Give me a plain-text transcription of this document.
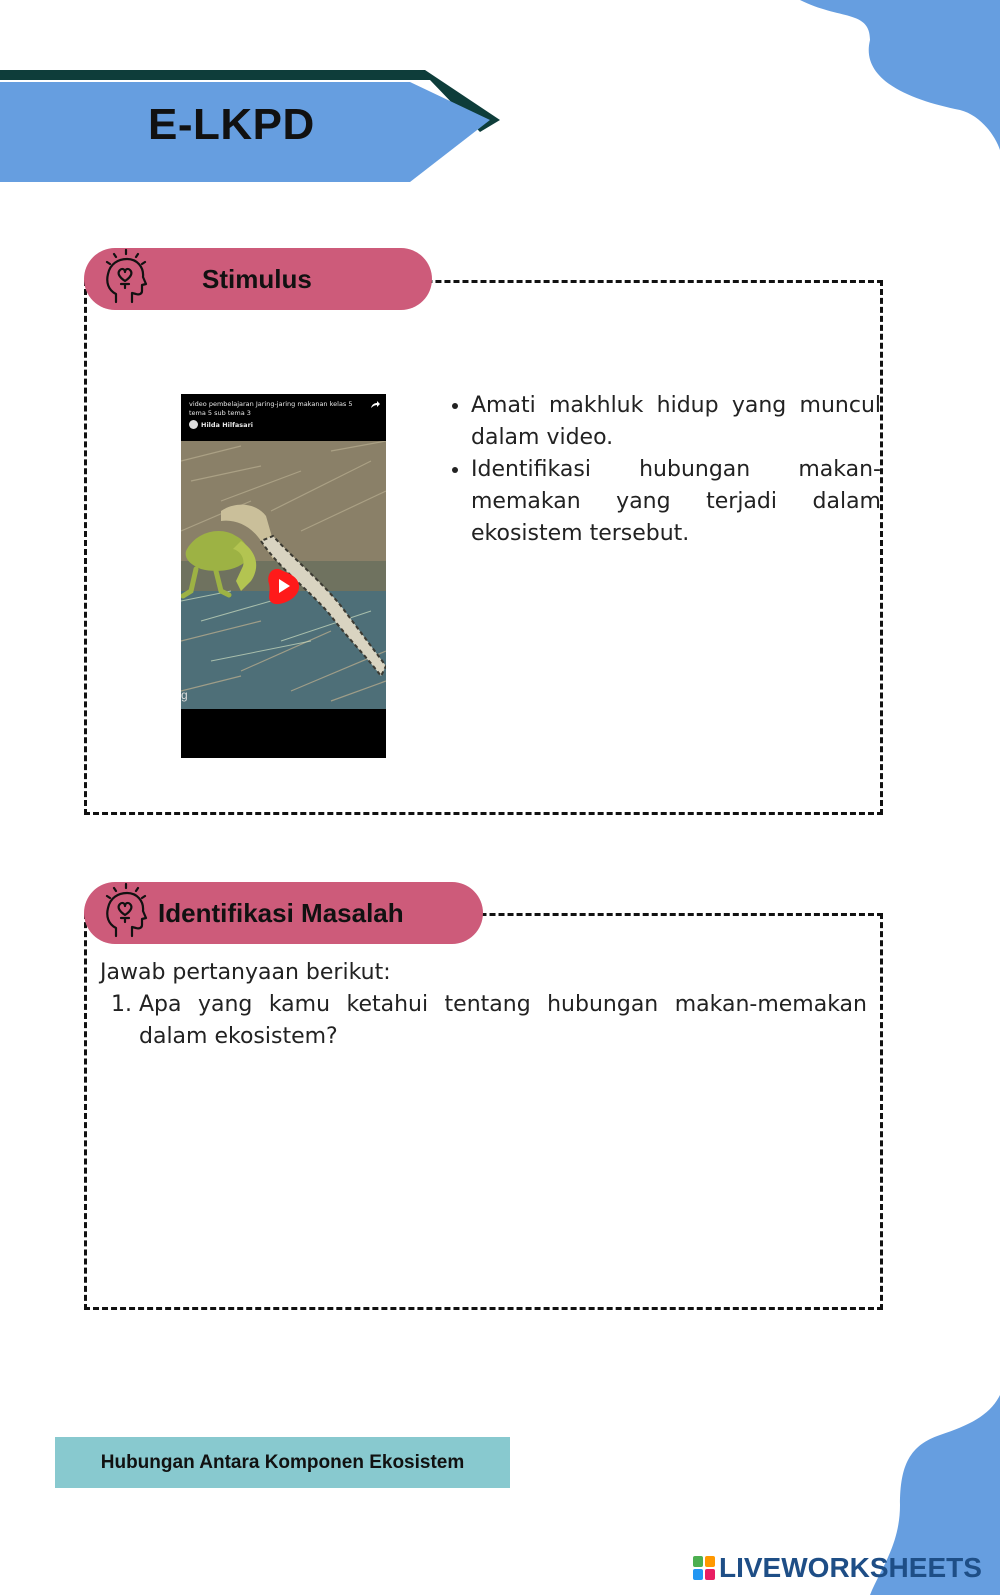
E-LKPD
Stimulus
video pembelajaran Jaring-jaring makanan kelas 5 tema 5 sub tema 3
Hilda Hilfasari
g
• Amati makhluk hidup yang muncul dalam video.
• Identifikasi hubungan makan-memakan yang terjadi dalam ekosistem tersebut.
Identifikasi Masalah
Jawab pertanyaan berikut:
1. Apa yang kamu ketahui tentang hubungan makan-memakan dalam ekosistem?
Hubungan Antara Komponen Ekosistem
LIVEWORKSHEETS
